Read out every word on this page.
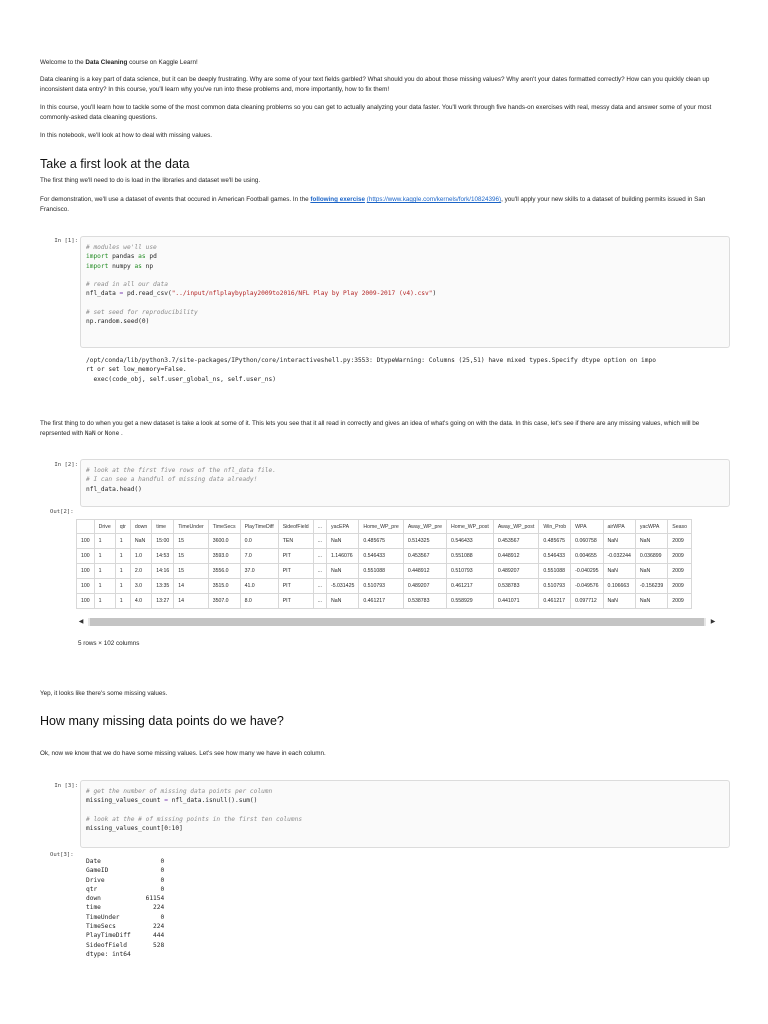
Welcome to the Data Cleaning course on Kaggle Learn!

Data cleaning is a key part of data science, but it can be deeply frustrating. Why are some of your text fields garbled? What should you do about those missing values? Why aren't your dates formatted correctly? How can you quickly clean up inconsistent data entry? In this course, you'll learn why you've run into these problems and, more importantly, how to fix them!

In this course, you'll learn how to tackle some of the most common data cleaning problems so you can get to actually analyzing your data faster. You'll work through five hands-on exercises with real, messy data and answer some of your most commonly-asked data cleaning questions.

In this notebook, we'll look at how to deal with missing values.

Take a first look at the data

The first thing we'll need to do is load in the libraries and dataset we'll be using.

For demonstration, we'll use a dataset of events that occured in American Football games. In the following exercise (https://www.kaggle.com/kernels/fork/10824396), you'll apply your new skills to a dataset of building permits issued in San Francisco.

In [1]:
# modules we'll use
import pandas as pd
import numpy as np

# read in all our data
nfl_data = pd.read_csv("../input/nflplaybyplay2009to2016/NFL Play by Play 2009-2017 (v4).csv")

# set seed for reproducibility
np.random.seed(0)
/opt/conda/lib/python3.7/site-packages/IPython/core/interactiveshell.py:3553: DtypeWarning: Columns (25,51) have mixed types.Specify dtype option on impo
rt or set low_memory=False.
exec(code_obj, self.user_global_ns, self.user_ns)

The first thing to do when you get a new dataset is take a look at some of it. This lets you see that it all read in correctly and gives an idea of what's going on with the data. In this case, let's see if there are any missing values, which will be reprsented with NaN or None .

In [2]:
# look at the first five rows of the nfl_data file.
# I can see a handful of missing data already!
nfl_data.head()
Out[2]:
	Drive	qtr	down	time	TimeUnder	TimeSecs	PlayTimeDiff	SideofField	...	yacEPA	Home_WP_pre	Away_WP_pre	Home_WP_post	Away_WP_post	Win_Prob	WPA	airWPA	yacWPA	Seaso
100	1	1	NaN	15:00	15	3600.0	0.0	TEN	...	NaN	0.485675	0.514325	0.546433	0.453567	0.485675	0.060758	NaN	NaN	2009
100	1	1	1.0	14:53	15	3593.0	7.0	PIT	...	1.146076	0.546433	0.453567	0.551088	0.448912	0.546433	0.004655	-0.032244	0.036899	2009
100	1	1	2.0	14:16	15	3556.0	37.0	PIT	...	NaN	0.551088	0.448912	0.510793	0.489207	0.551088	-0.040295	NaN	NaN	2009
100	1	1	3.0	13:35	14	3515.0	41.0	PIT	...	-5.031425	0.510793	0.489207	0.461217	0.538783	0.510793	-0.049576	0.106663	-0.156239	2009
100	1	1	4.0	13:27	14	3507.0	8.0	PIT	...	NaN	0.461217	0.538783	0.558929	0.441071	0.461217	0.097712	NaN	NaN	2009
◀	▶

5 rows × 102 columns

Yep, it looks like there's some missing values.

How many missing data points do we have?

Ok, now we know that we do have some missing values. Let's see how many we have in each column.

In [3]:
# get the number of missing data points per column
missing_values_count = nfl_data.isnull().sum()

# look at the # of missing points in the first ten columns
missing_values_count[0:10]
Out[3]:
Date                0
GameID              0
Drive               0
qtr                 0
down            61154
time              224
TimeUnder           0
TimeSecs          224
PlayTimeDiff      444
SideofField       528
dtype: int64
